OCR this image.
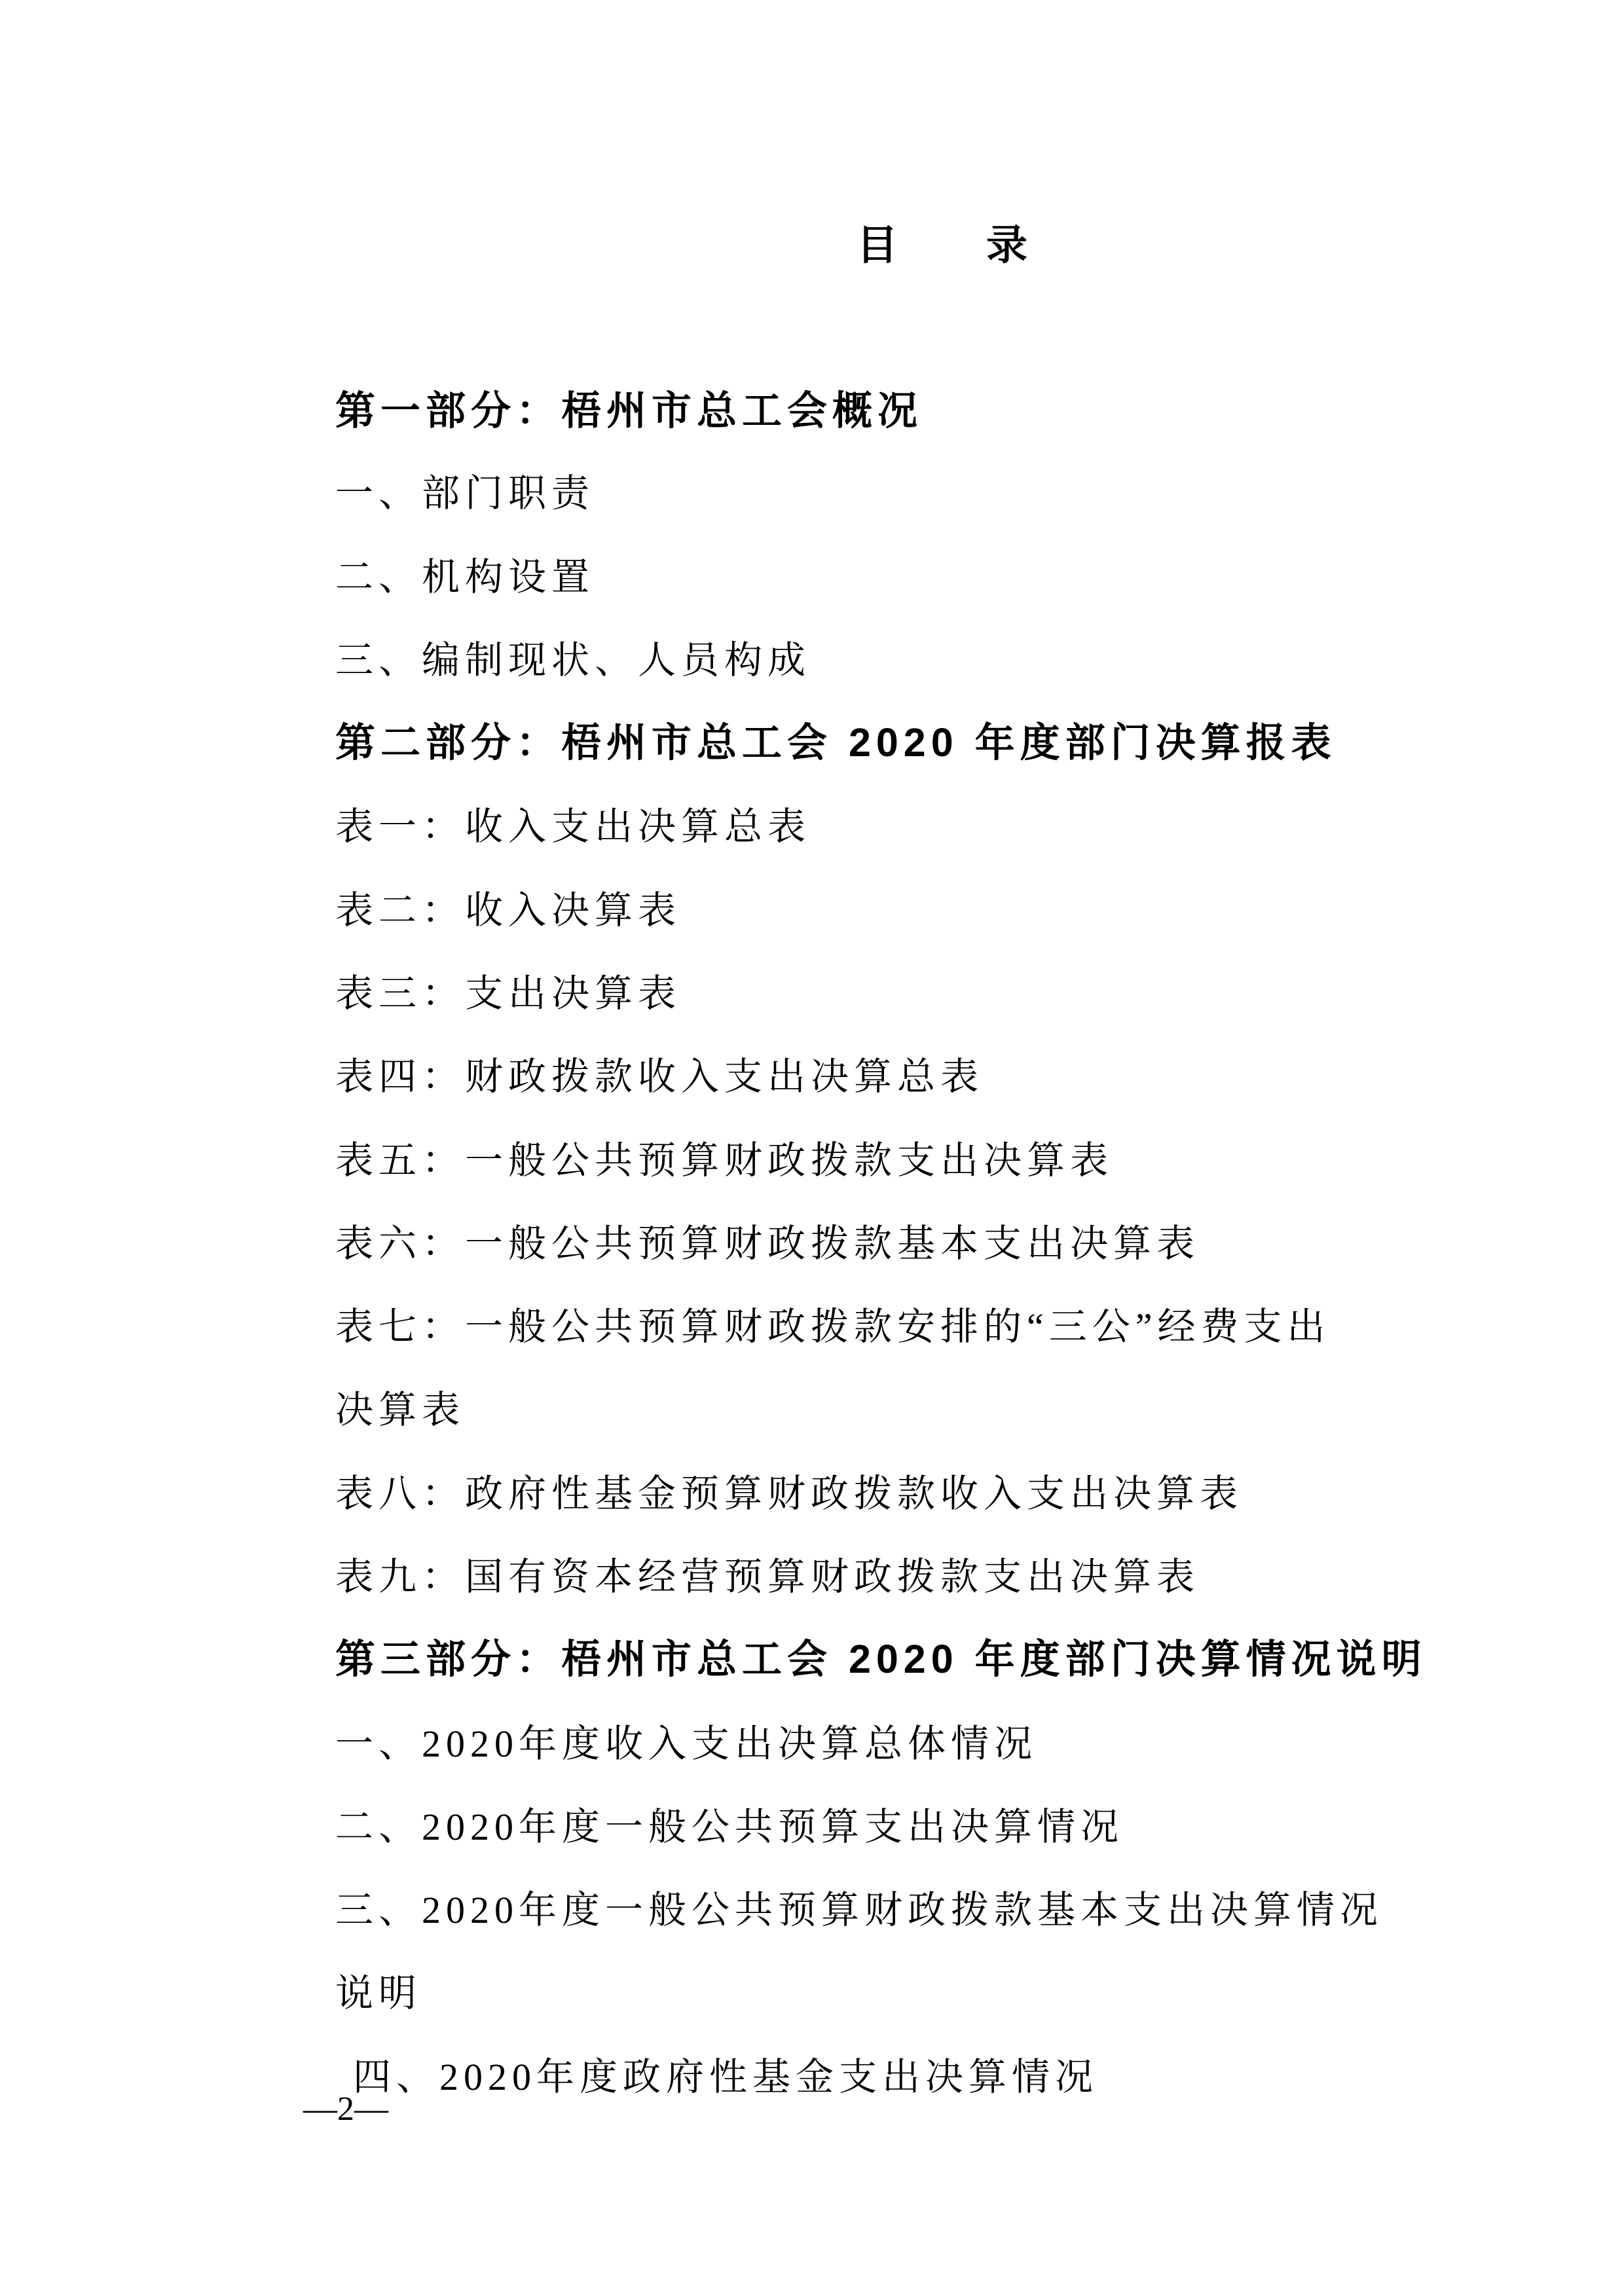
目 录
第一部分：梧州市总工会概况
一、部门职责
二、机构设置
三、编制现状、人员构成
第二部分：梧州市总工会 2020 年度部门决算报表
表一：收入支出决算总表
表二：收入决算表
表三：支出决算表
表四：财政拨款收入支出决算总表
表五：一般公共预算财政拨款支出决算表
表六：一般公共预算财政拨款基本支出决算表
表七：一般公共预算财政拨款安排的“三公”经费支出
决算表
表八：政府性基金预算财政拨款收入支出决算表
表九：国有资本经营预算财政拨款支出决算表
第三部分：梧州市总工会 2020 年度部门决算情况说明
一、2020年度收入支出决算总体情况
二、2020年度一般公共预算支出决算情况
三、2020年度一般公共预算财政拨款基本支出决算情况
说明
四、2020年度政府性基金支出决算情况
—2—
